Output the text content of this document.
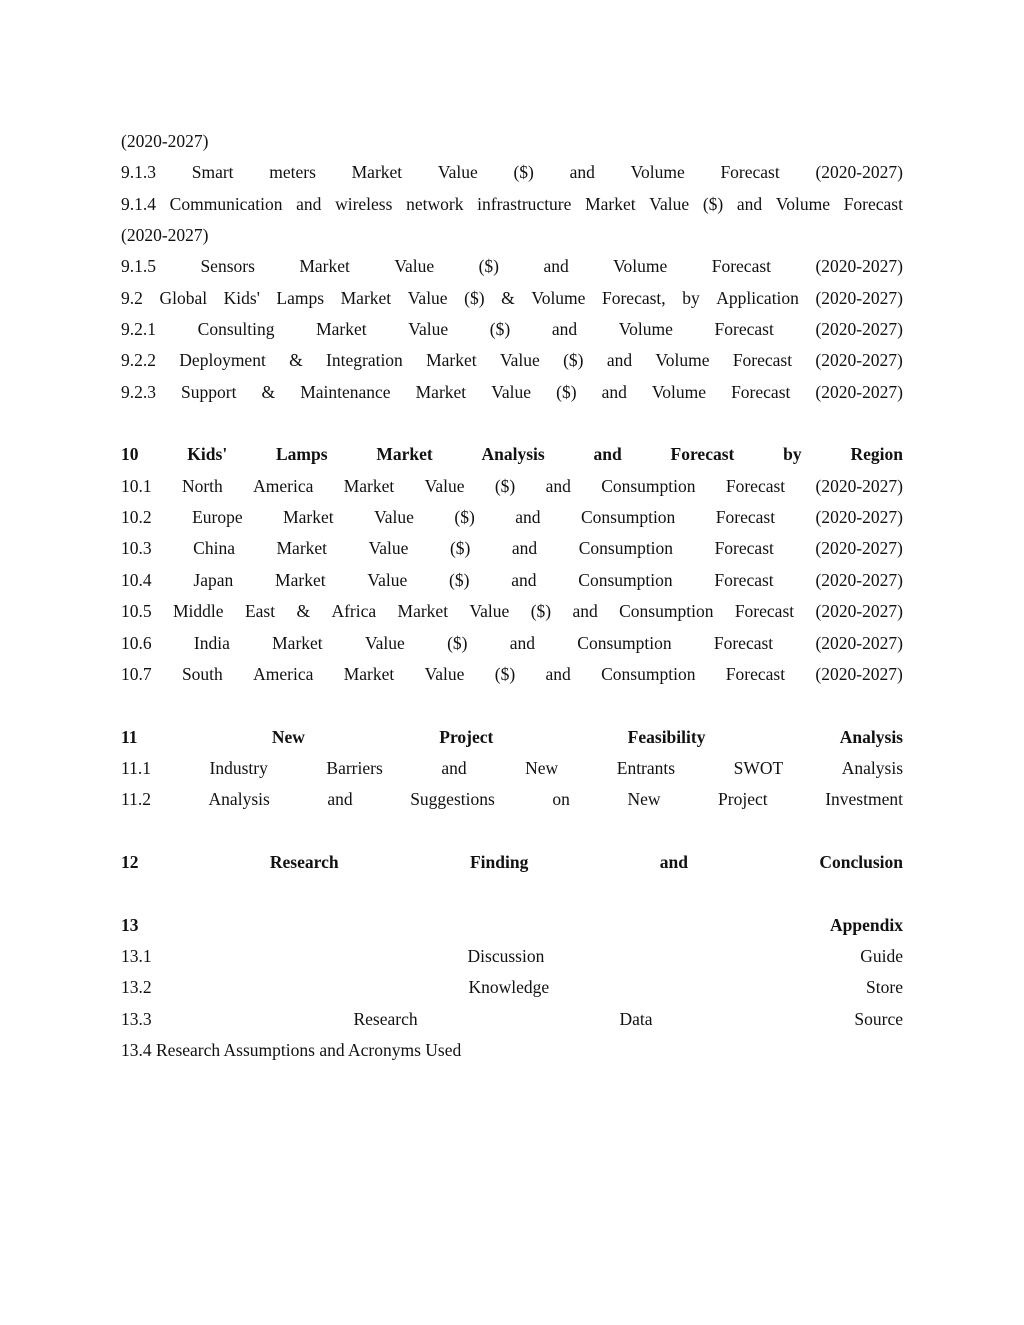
(2020-2027)
9.1.3 Smart meters Market Value ($) and Volume Forecast (2020-2027)
9.1.4 Communication and wireless network infrastructure Market Value ($) and Volume Forecast
(2020-2027)
9.1.5	Sensors	Market	Value	($)	and	Volume	Forecast	(2020-2027)
9.2 Global Kids' Lamps Market Value ($) & Volume Forecast, by Application (2020-2027)
9.2.1 Consulting Market Value ($) and Volume Forecast (2020-2027)
9.2.2 Deployment & Integration Market Value ($) and Volume Forecast (2020-2027)
9.2.3 Support & Maintenance Market Value ($) and Volume Forecast (2020-2027)
10	Kids'	Lamps	Market	Analysis	and	Forecast	by	Region
10.1 North America Market Value ($) and Consumption Forecast (2020-2027)
10.2 Europe Market Value ($) and Consumption Forecast (2020-2027)
10.3 China Market Value ($) and Consumption Forecast (2020-2027)
10.4 Japan Market Value ($) and Consumption Forecast (2020-2027)
10.5 Middle East & Africa Market Value ($) and Consumption Forecast (2020-2027)
10.6 India Market Value ($) and Consumption Forecast (2020-2027)
10.7 South America Market Value ($) and Consumption Forecast (2020-2027)
11	New	Project	Feasibility	Analysis
11.1	Industry	Barriers	and	New	Entrants	SWOT	Analysis
11.2	Analysis	and	Suggestions	on	New	Project	Investment
12	Research	Finding	and	Conclusion
13	Appendix
13.1	Discussion	Guide
13.2	Knowledge	Store
13.3	Research	Data	Source
13.4 Research Assumptions and Acronyms Used
